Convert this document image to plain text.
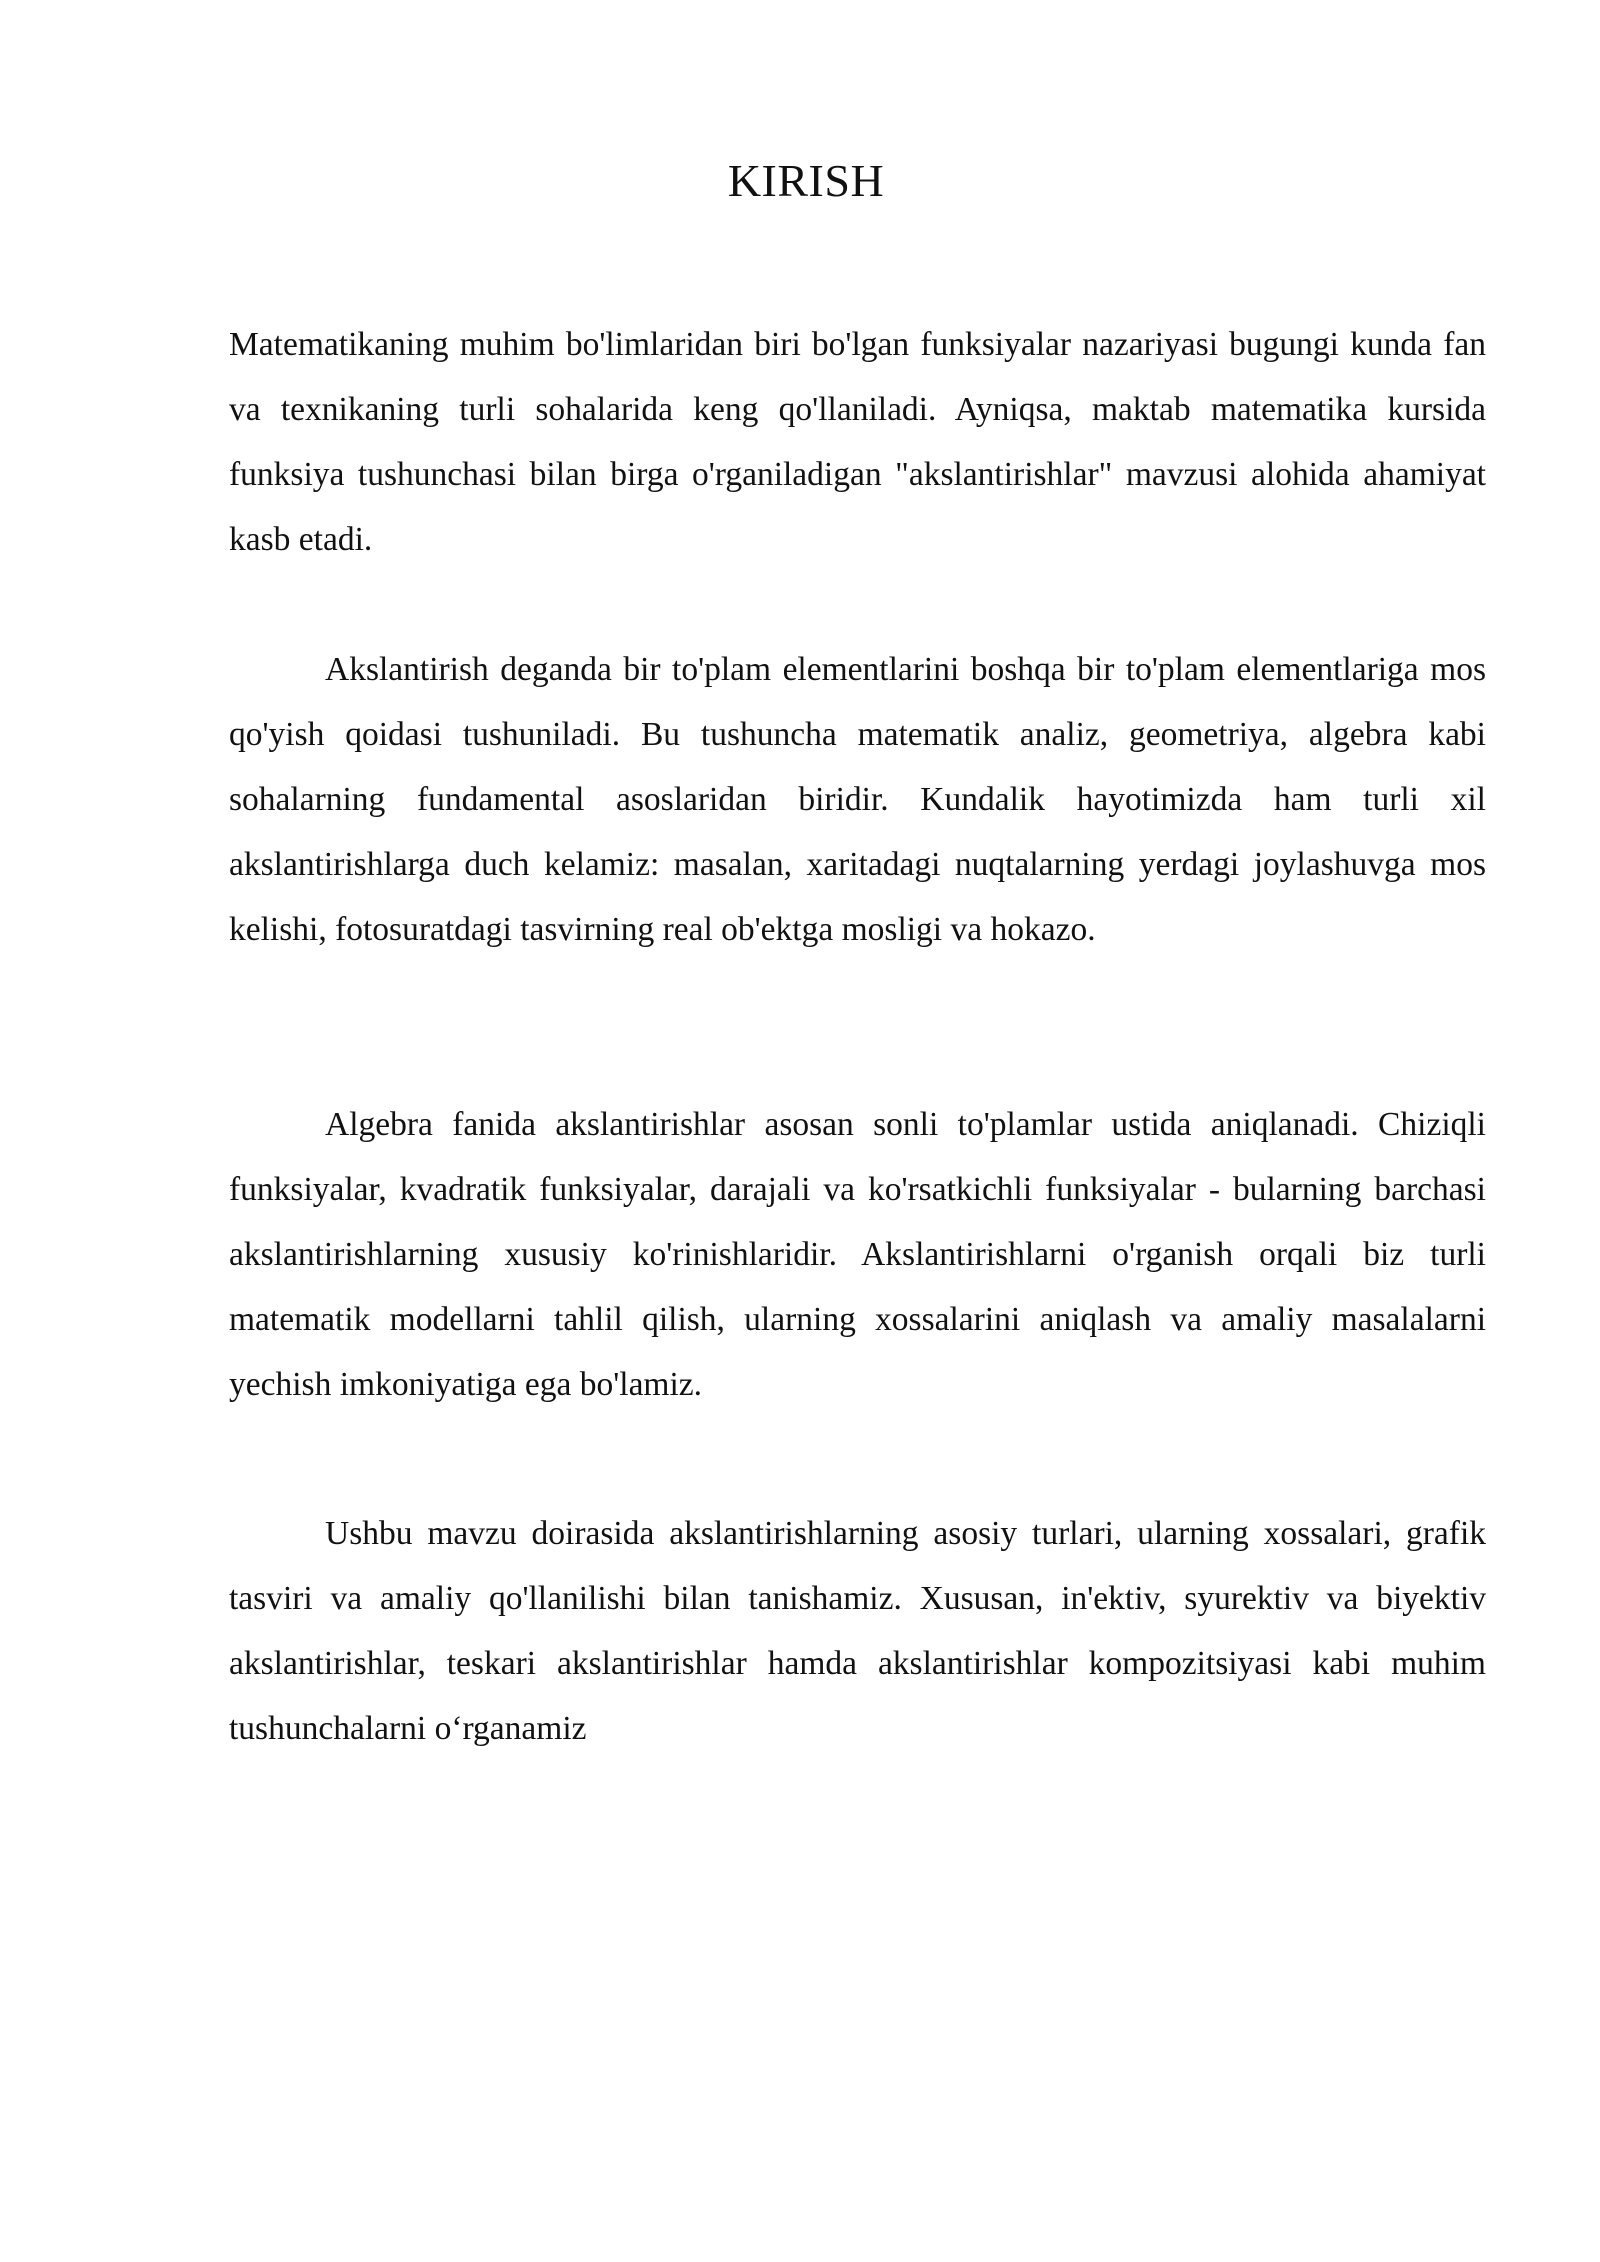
KIRISH

Matematikaning muhim bo'limlaridan biri bo'lgan funksiyalar nazariyasi bugungi kunda fan va texnikaning turli sohalarida keng qo'llaniladi. Ayniqsa, maktab matematika kursida funksiya tushunchasi bilan birga o'rganiladigan "akslantirishlar" mavzusi alohida ahamiyat kasb etadi.

Akslantirish deganda bir to'plam elementlarini boshqa bir to'plam elementlariga mos qo'yish qoidasi tushuniladi. Bu tushuncha matematik analiz, geometriya, algebra kabi sohalarning fundamental asoslaridan biridir. Kundalik hayotimizda ham turli xil akslantirishlarga duch kelamiz: masalan, xaritadagi nuqtalarning yerdagi joylashuvga mos kelishi, fotosuratdagi tasvirning real ob'ektga mosligi va hokazo.

Algebra fanida akslantirishlar asosan sonli to'plamlar ustida aniqlanadi. Chiziqli funksiyalar, kvadratik funksiyalar, darajali va ko'rsatkichli funksiyalar - bularning barchasi akslantirishlarning xususiy ko'rinishlaridir. Akslantirishlarni o'rganish orqali biz turli matematik modellarni tahlil qilish, ularning xossalarini aniqlash va amaliy masalalarni yechish imkoniyatiga ega bo'lamiz.

Ushbu mavzu doirasida akslantirishlarning asosiy turlari, ularning xossalari, grafik tasviri va amaliy qo'llanilishi bilan tanishamiz. Xususan, in'ektiv, syurektiv va biyektiv akslantirishlar, teskari akslantirishlar hamda akslantirishlar kompozitsiyasi kabi muhim tushunchalarni o‘rganamiz
